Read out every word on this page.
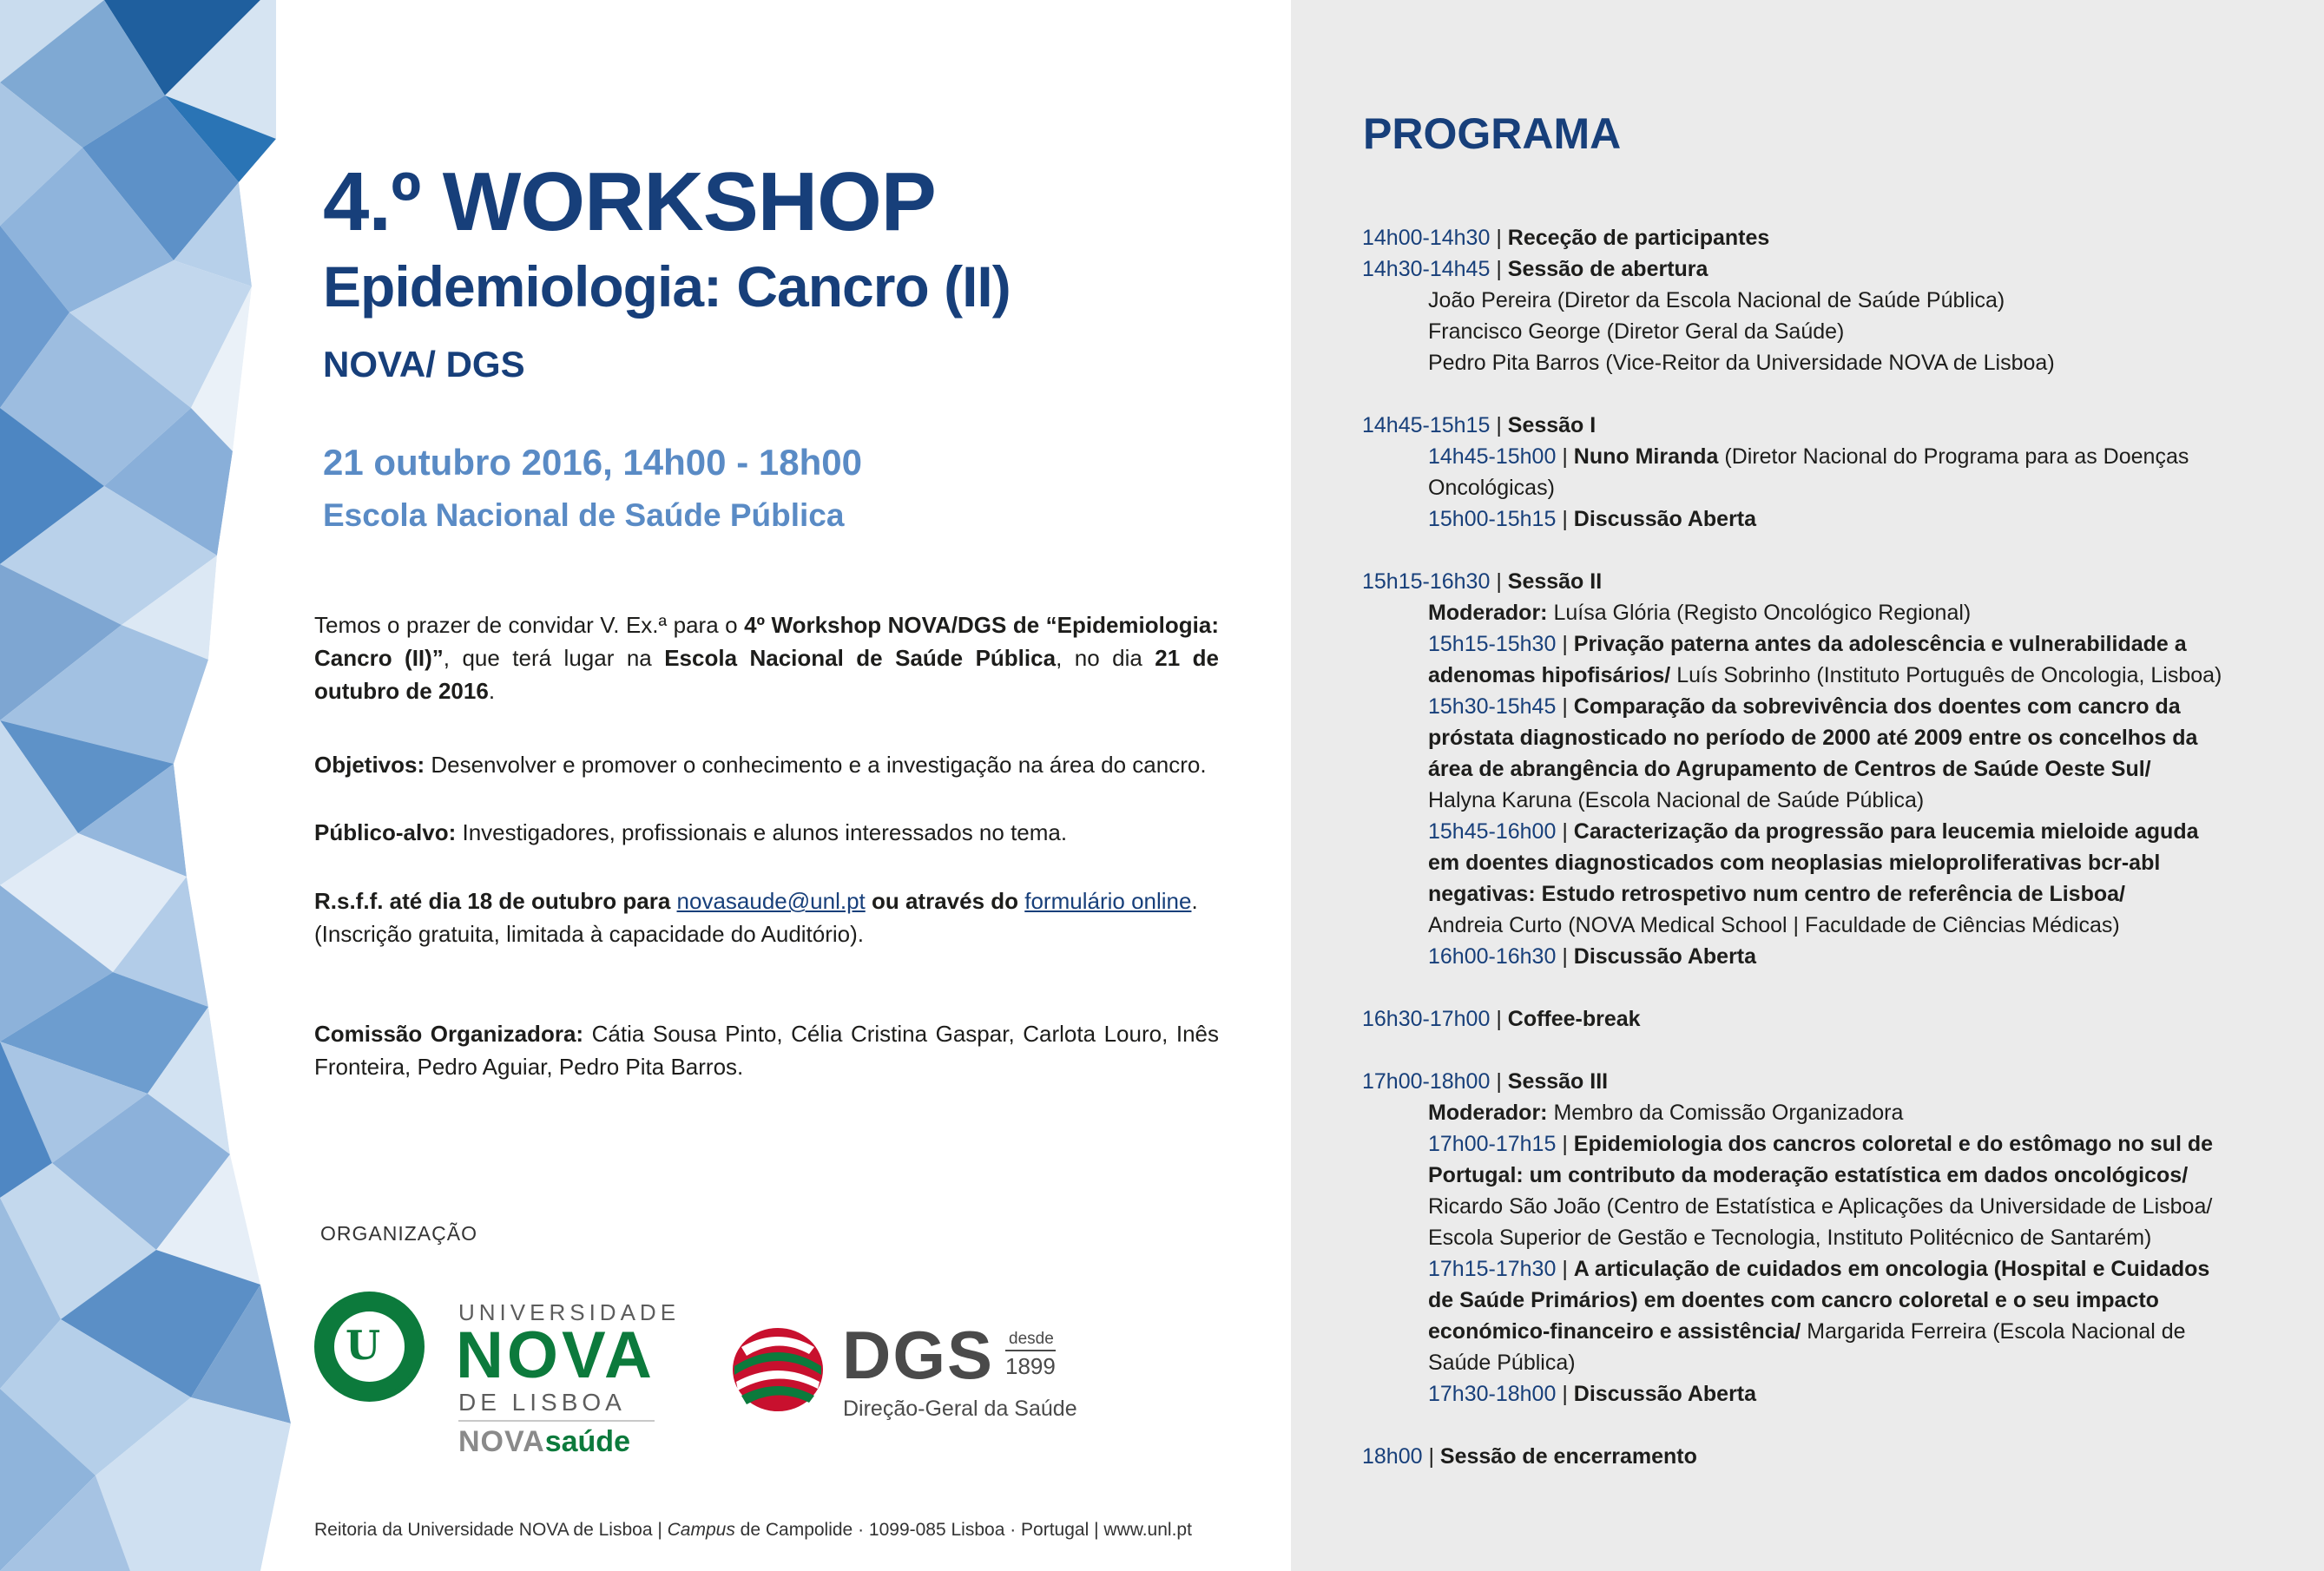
4.º WORKSHOP
Epidemiologia: Cancro (II)
NOVA/ DGS
21 outubro 2016, 14h00 - 18h00
Escola Nacional de Saúde Pública

Temos o prazer de convidar V. Ex.ª para o 4º Workshop NOVA/DGS de “Epidemiologia: Cancro (II)”, que terá lugar na Escola Nacional de Saúde Pública, no dia 21 de outubro de 2016.

Objetivos: Desenvolver e promover o conhecimento e a investigação na área do cancro.

Público-alvo: Investigadores, profissionais e alunos interessados no tema.

R.s.f.f. até dia 18 de outubro para novasaude@unl.pt ou através do formulário online.
(Inscrição gratuita, limitada à capacidade do Auditório).

Comissão Organizadora: Cátia Sousa Pinto, Célia Cristina Gaspar, Carlota Louro, Inês Fronteira, Pedro Aguiar, Pedro Pita Barros.

ORGANIZAÇÃO
U
UNIVERSIDADE
NOVA
DE LISBOA
NOVAsaúde
DGS desde
1899
Direção-Geral da Saúde
Reitoria da Universidade NOVA de Lisboa | Campus de Campolide · 1099-085 Lisboa · Portugal | www.unl.pt
PROGRAMA
14h00-14h30 | Receção de participantes
14h30-14h45 | Sessão de abertura
João Pereira (Diretor da Escola Nacional de Saúde Pública)
Francisco George (Diretor Geral da Saúde)
Pedro Pita Barros (Vice-Reitor da Universidade NOVA de Lisboa)
14h45-15h15 | Sessão I
14h45-15h00 | Nuno Miranda (Diretor Nacional do Programa para as Doenças Oncológicas)
15h00-15h15 | Discussão Aberta
15h15-16h30 | Sessão II
Moderador: Luísa Glória (Registo Oncológico Regional)
15h15-15h30 | Privação paterna antes da adolescência e vulnerabilidade a adenomas hipofisários/ Luís Sobrinho (Instituto Português de Oncologia, Lisboa)
15h30-15h45 | Comparação da sobrevivência dos doentes com cancro da próstata diagnosticado no período de 2000 até 2009 entre os concelhos da área de abrangência do Agrupamento de Centros de Saúde Oeste Sul/
Halyna Karuna (Escola Nacional de Saúde Pública)
15h45-16h00 | Caracterização da progressão para leucemia mieloide aguda em doentes diagnosticados com neoplasias mieloproliferativas bcr-abl negativas: Estudo retrospetivo num centro de referência de Lisboa/
Andreia Curto (NOVA Medical School | Faculdade de Ciências Médicas)
16h00-16h30 | Discussão Aberta
16h30-17h00 | Coffee-break
17h00-18h00 | Sessão III
Moderador: Membro da Comissão Organizadora
17h00-17h15 | Epidemiologia dos cancros coloretal e do estômago no sul de Portugal: um contributo da moderação estatística em dados oncológicos/
Ricardo São João (Centro de Estatística e Aplicações da Universidade de Lisboa/ Escola Superior de Gestão e Tecnologia, Instituto Politécnico de Santarém)
17h15-17h30 | A articulação de cuidados em oncologia (Hospital e Cuidados de Saúde Primários) em doentes com cancro coloretal e o seu impacto económico-financeiro e assistência/ Margarida Ferreira (Escola Nacional de Saúde Pública)
17h30-18h00 | Discussão Aberta
18h00 | Sessão de encerramento
